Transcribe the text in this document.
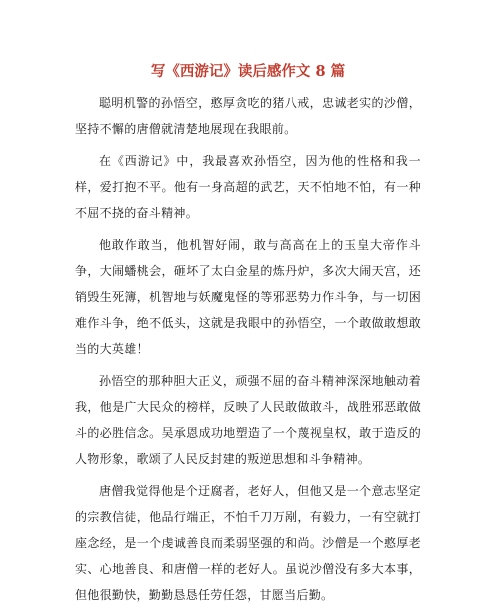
写《西游记》读后感作文 8 篇

聪明机警的孙悟空，憨厚贪吃的猪八戒，忠诚老实的沙僧，坚持不懈的唐僧就清楚地展现在我眼前。

在《西游记》中，我最喜欢孙悟空，因为他的性格和我一样，爱打抱不平。他有一身高超的武艺，天不怕地不怕，有一种不屈不挠的奋斗精神。

他敢作敢当，他机智好闹，敢与高高在上的玉皇大帝作斗争，大闹蟠桃会，砸坏了太白金星的炼丹炉，多次大闹天宫，还销毁生死簿，机智地与妖魔鬼怪的等邪恶势力作斗争，与一切困难作斗争，绝不低头，这就是我眼中的孙悟空，一个敢做敢想敢当的大英雄！

孙悟空的那种胆大正义，顽强不屈的奋斗精神深深地触动着我，他是广大民众的榜样，反映了人民敢做敢斗，战胜邪恶敢做斗的必胜信念。吴承恩成功地塑造了一个蔑视皇权，敢于造反的人物形象，歌颂了人民反封建的叛逆思想和斗争精神。

唐僧我觉得他是个迂腐者，老好人，但他又是一个意志坚定的宗教信徒，他品行端正，不怕千刀万剐，有毅力，一有空就打座念经，是一个虔诚善良而柔弱坚强的和尚。沙僧是一个憨厚老实、心地善良、和唐僧一样的老好人。虽说沙僧没有多大本事，但他很勤快，勤勤恳恳任劳任怨，甘愿当后勤。
